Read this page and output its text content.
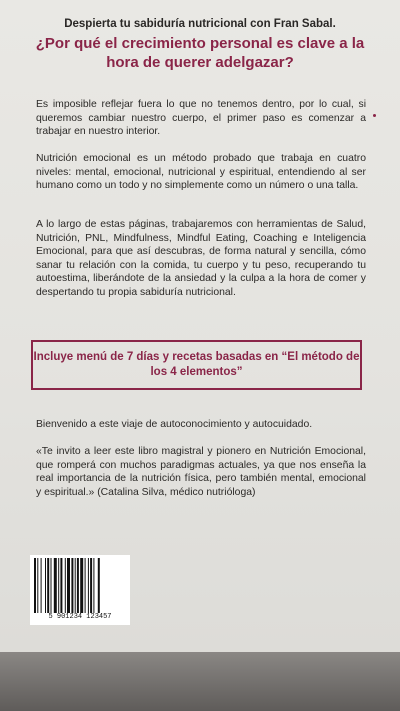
Despierta tu sabiduría nutricional con Fran Sabal.
¿Por qué el crecimiento personal es clave a la hora de querer adelgazar?

Es imposible reflejar fuera lo que no tenemos dentro, por lo cual, si queremos cambiar nuestro cuerpo, el primer paso es comenzar a trabajar en nuestro interior.

Nutrición emocional es un método probado que trabaja en cuatro niveles: mental, emocional, nutricional y espiritual, entendiendo al ser humano como un todo y no simplemente como un número o una talla.

A lo largo de estas páginas, trabajaremos con herramientas de Salud, Nutrición, PNL, Mindfulness, Mindful Eating, Coaching e Inteligencia Emocional, para que así descubras, de forma natural y sencilla, cómo sanar tu relación con la comida, tu cuerpo y tu peso, recuperando tu autoestima, liberándote de la ansiedad y la culpa a la hora de comer y despertando tu propia sabiduría nutricional.

Incluye menú de 7 días y recetas basadas en “El método de los 4 elementos”

Bienvenido a este viaje de autoconocimiento y autocuidado.

«Te invito a leer este libro magistral y pionero en Nutrición Emocional, que romperá con muchos paradigmas actuales, ya que nos enseña la real importancia de la nutrición física, pero también mental, emocional y espiritual.» (Catalina Silva, médico nutrióloga)

5 901234 123457
